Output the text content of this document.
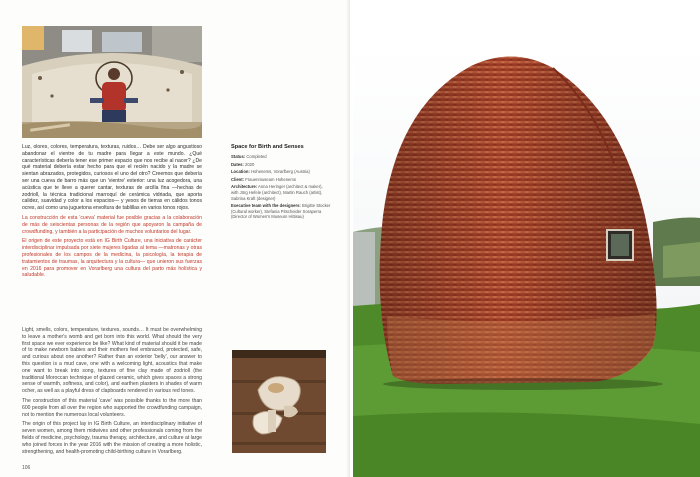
Luz, olores, colores, temperatura, texturas, ruidos… Debe ser algo angustioso abandonar el vientre de tu madre para llegar a este mundo. ¿Qué características debería tener ese primer espacio que nos recibe al nacer? ¿De qué material debería estar hecho para que el recién nacido y la madre se sientan abrazados, protegidos, curiosos el uno del otro? Creemos que debería ser una cueva de barro más que un 'vientre' exterior: una luz acogedora, una acústica que te lleve a querer cantar, texturas de arcilla fina —hechas de zodrioll, la técnica tradicional marroquí de cerámica vidriada, que aporta calidez, suavidad y color a los espacios— y yesos de tierras en cálidos tonos ocres, así como una juguetona envoltura de tablillas en varios tonos rojos.

La construcción de esta 'cueva' material fue posible gracias a la colaboración de más de seiscientas personas de la región que apoyaron la campaña de crowdfunding, y también a la participación de muchos voluntarios del lugar.

El origen de este proyecto está en IG Birth Culture, una iniciativa de carácter interdisciplinar impulsada por siete mujeres ligadas al tema —matronas y otras profesionales de los campos de la medicina, la psicología, la terapia de tratamientos de traumas, la arquitectura y la cultura— que unieron sus fuerzas en 2016 para promover en Vorarlberg una cultura del parto más holística y saludable.

Light, smells, colors, temperature, textures, sounds… It must be overwhelming to leave a mother's womb and get born into this world. What should the very first space we ever experience be like? What kind of material should it be made of to make newborn babies and their mothers feel embraced, protected, safe, and curious about one another? Rather than an exterior 'belly', our answer to this question is a mud cave, one with a welcoming light, acoustics that make one want to break into song, textures of fine clay made of zodrioll (the traditional Moroccan technique of glazed ceramic, which gives spaces a strong sense of warmth, softness, and color), and earthen plasters in shades of warm ocher, as well as a playful dress of clapboards rendered in various red tones.

The construction of this material 'cave' was possible thanks to the more than 600 people from all over the region who supported the crowdfunding campaign, not to mention the numerous local volunteers.

The origin of this project lay in IG Birth Culture, an interdisciplinary initiative of seven women, among them midwives and other professionals coming from the fields of medicine, psychology, trauma therapy, architecture, and culture at large who joined forces in the year 2016 with the mission of creating a more holistic, strengthening, and health-promoting child-birthing culture in Vorarlberg.

106
Space for Birth and Senses
Status: Completed
Dates: 2020
Location: Hohenems, Vorarlberg (Austria)
Client: Frauenmuseum Hohenems
Architecture: Anna Heringer (architect & maker), with Jörg Hefele (architect), Martin Rauch (artist), Sabrina Kraft (designer)
Executive team with the designers: Brigitte Stocker (Cultural worker), Stefania Pitscheider Soraperra (Director of Women's Museum Hittisau)
